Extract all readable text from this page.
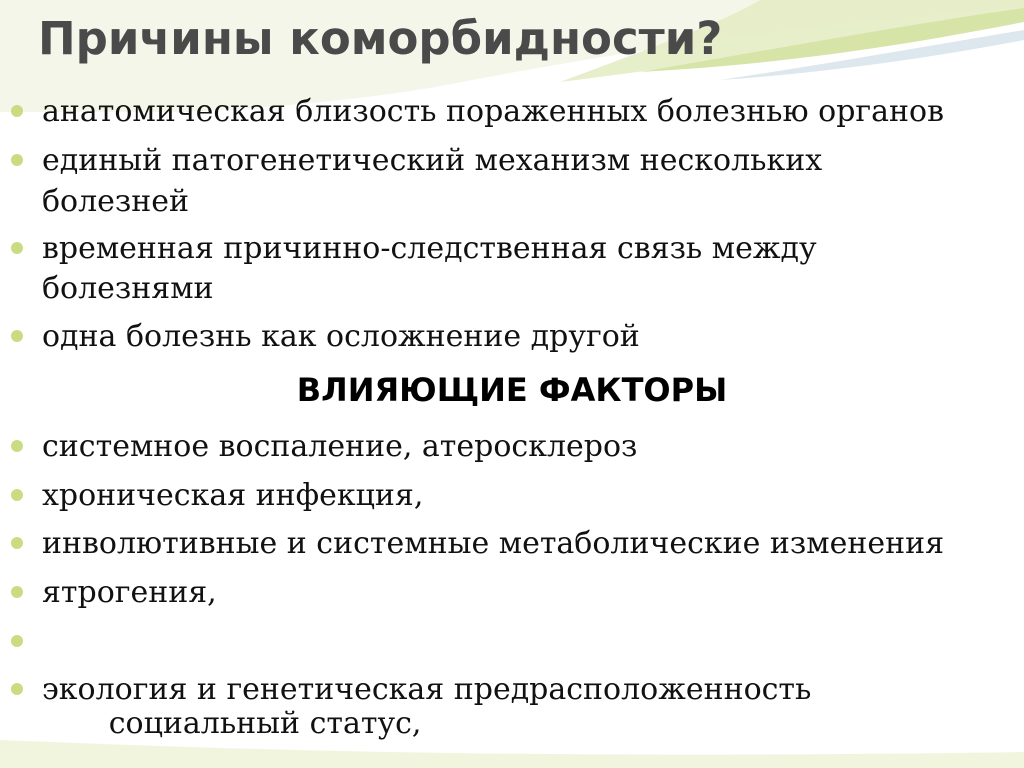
Причины коморбидности?
анатомическая близость пораженных болезнью органов
единый патогенетический механизм нескольких
болезней
временная причинно-следственная связь между
болезнями
одна болезнь как осложнение другой
ВЛИЯЮЩИЕ ФАКТОРЫ
системное воспаление, атеросклероз
хроническая инфекция,
инволютивные и системные метаболические изменения
ятрогения,

социальный статус,

экология и генетическая предрасположенность
